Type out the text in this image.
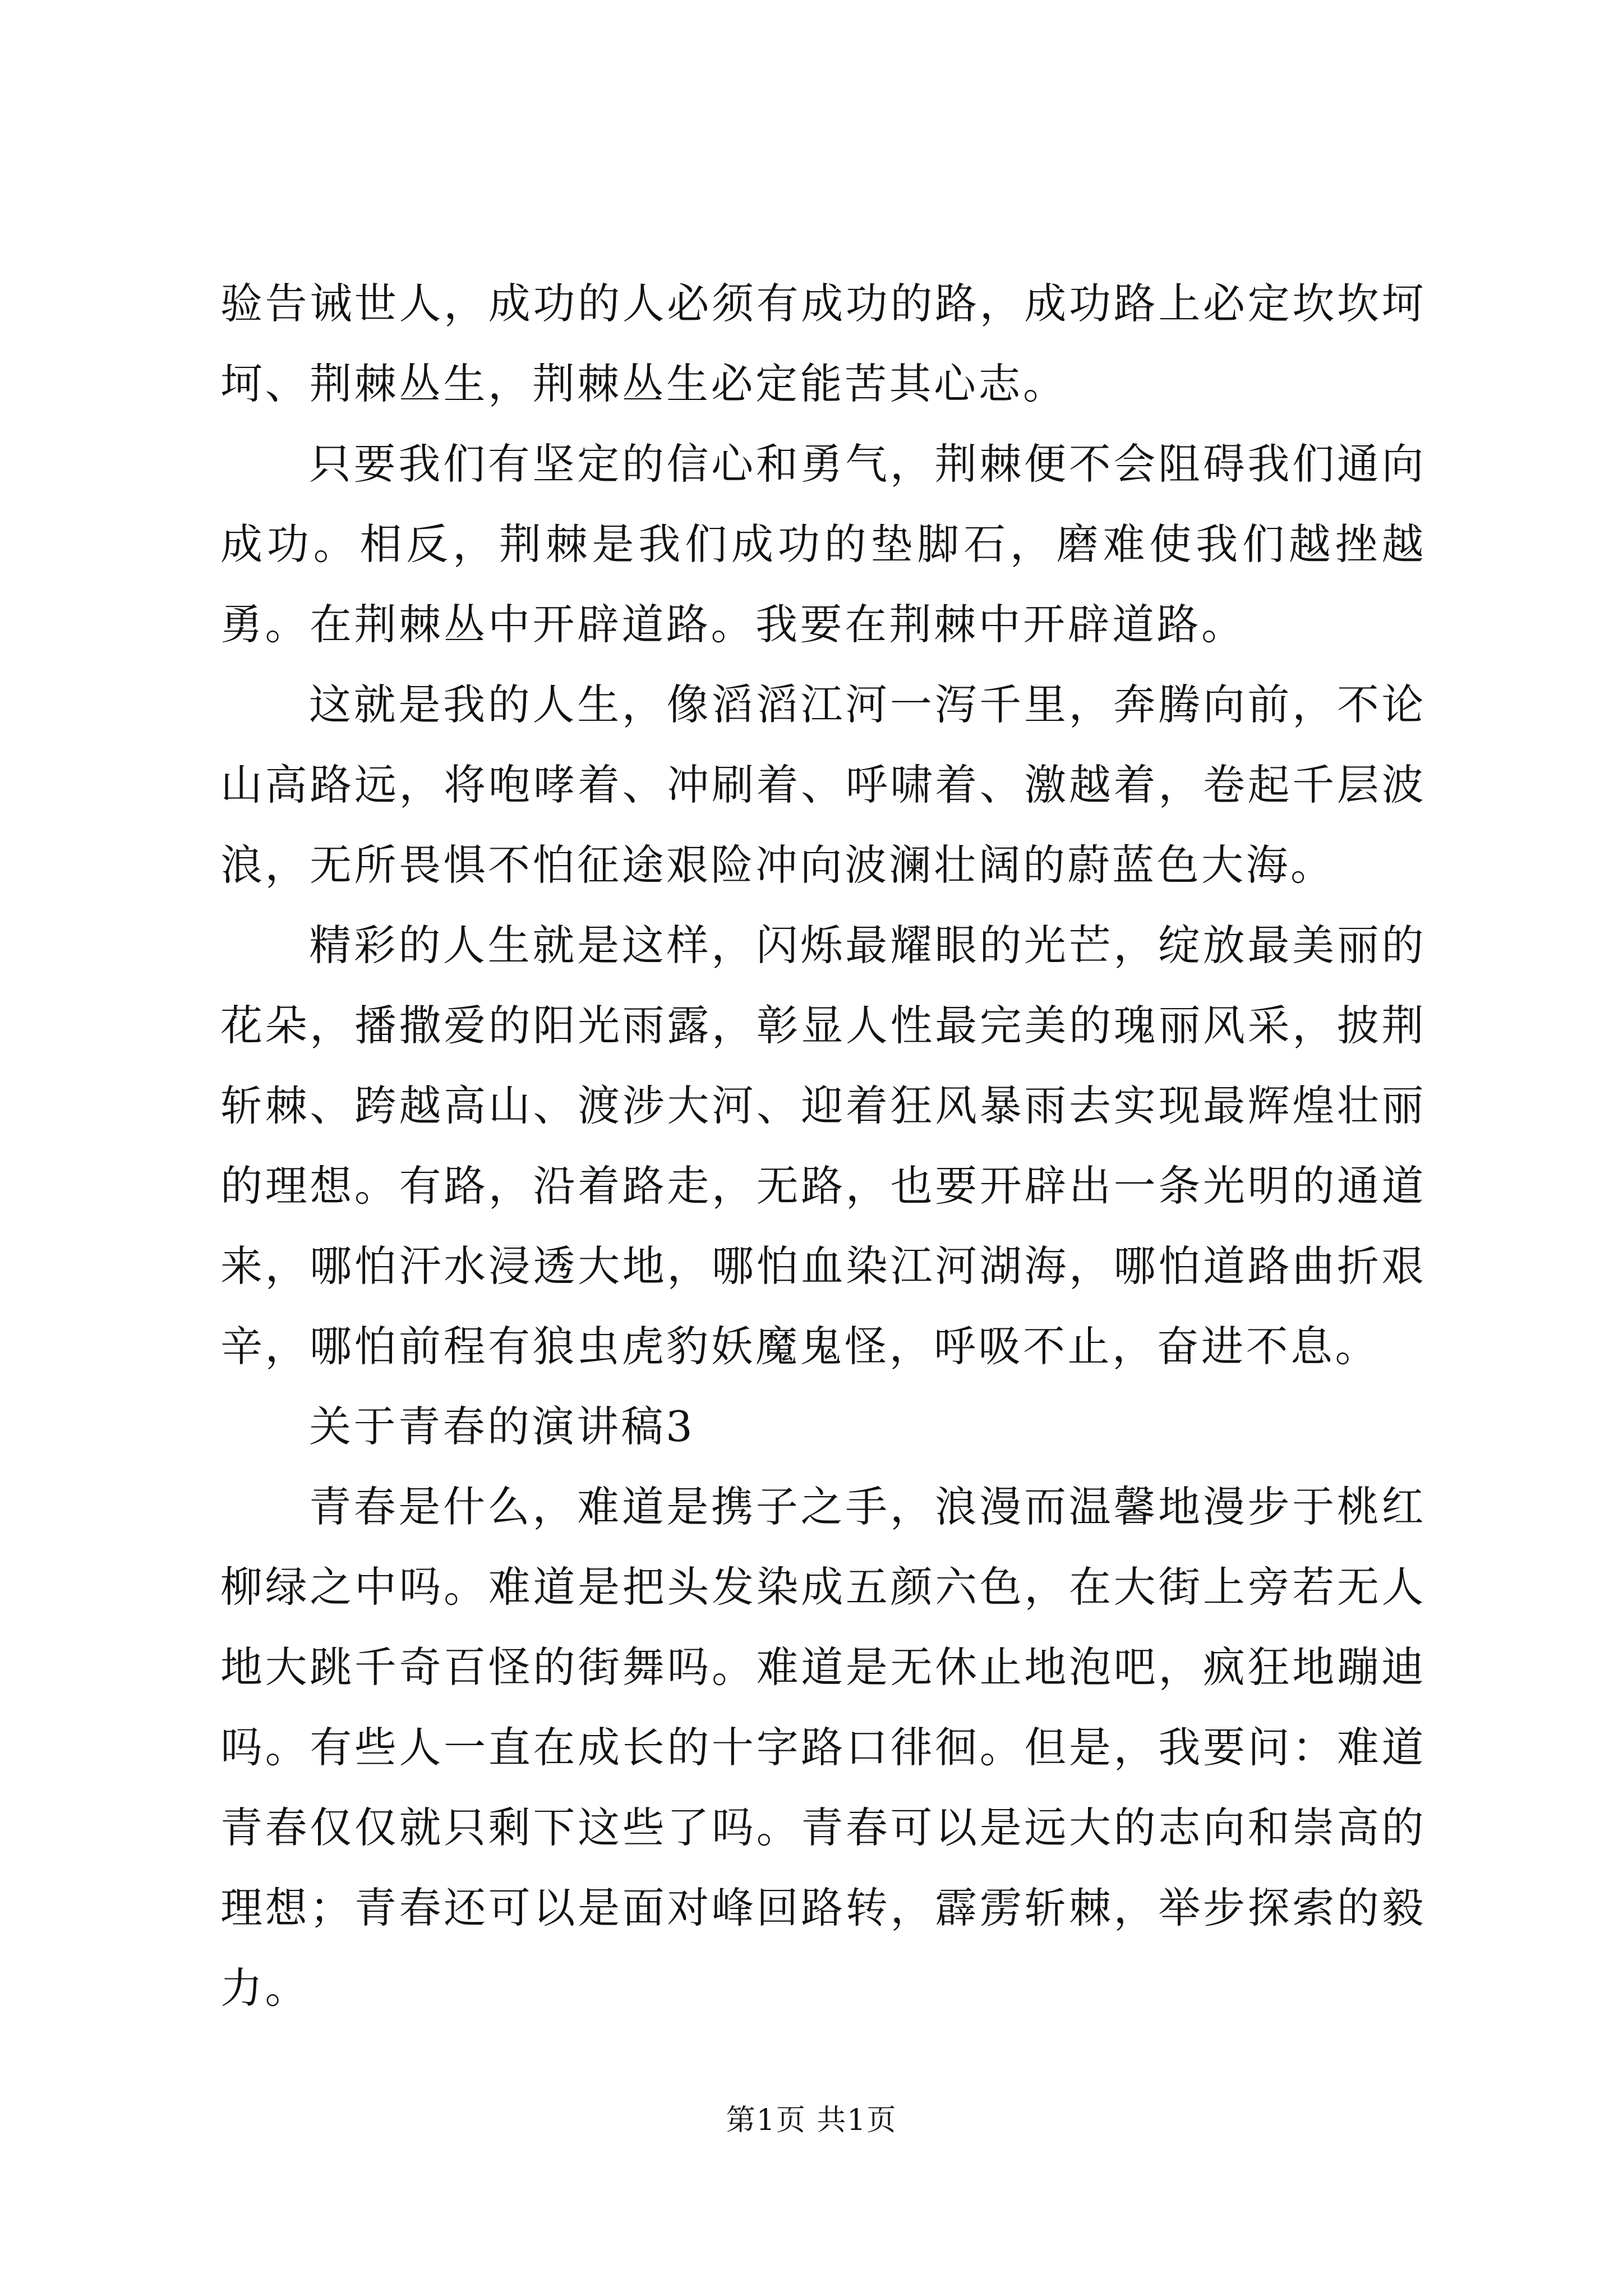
验告诫世人，成功的人必须有成功的路，成功路上必定坎坎坷坷、荆棘丛生，荆棘丛生必定能苦其心志。

只要我们有坚定的信心和勇气，荆棘便不会阻碍我们通向成功。相反，荆棘是我们成功的垫脚石，磨难使我们越挫越勇。在荆棘丛中开辟道路。我要在荆棘中开辟道路。

这就是我的人生，像滔滔江河一泻千里，奔腾向前，不论山高路远，将咆哮着、冲刷着、呼啸着、激越着，卷起千层波浪，无所畏惧不怕征途艰险冲向波澜壮阔的蔚蓝色大海。

精彩的人生就是这样，闪烁最耀眼的光芒，绽放最美丽的花朵，播撒爱的阳光雨露，彰显人性最完美的瑰丽风采，披荆斩棘、跨越高山、渡涉大河、迎着狂风暴雨去实现最辉煌壮丽的理想。有路，沿着路走，无路，也要开辟出一条光明的通道来，哪怕汗水浸透大地，哪怕血染江河湖海，哪怕道路曲折艰辛，哪怕前程有狼虫虎豹妖魔鬼怪，呼吸不止，奋进不息。

关于青春的演讲稿3

青春是什么，难道是携子之手，浪漫而温馨地漫步于桃红柳绿之中吗。难道是把头发染成五颜六色，在大街上旁若无人地大跳千奇百怪的街舞吗。难道是无休止地泡吧，疯狂地蹦迪吗。有些人一直在成长的十字路口徘徊。但是，我要问：难道青春仅仅就只剩下这些了吗。青春可以是远大的志向和崇高的理想；青春还可以是面对峰回路转，霹雳斩棘，举步探索的毅力。

第1页 共1页
